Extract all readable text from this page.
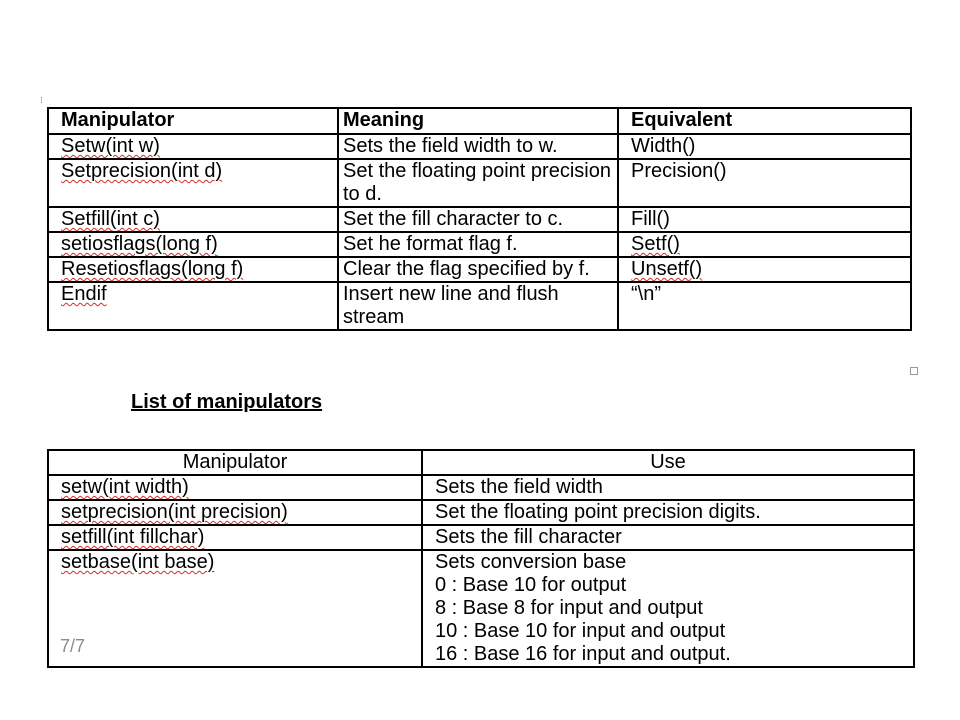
⁝
Manipulator	Meaning	Equivalent
Setw(int w)	Sets the field width to w.	Width()
Setprecision(int d)	Set the floating point precision to d.	Precision()
Setfill(int c)	Set the fill character to c.	Fill()
setiosflags(long f)	Set he format flag f.	Setf()
Resetiosflags(long f)	Clear the flag specified by f.	Unsetf()
Endif	Insert new line and flush stream	“\n”
List of manipulators
Manipulator	Use
setw(int width)	Sets the field width
setprecision(int precision)	Set the floating point precision digits.
setfill(int fillchar)	Sets the fill character
setbase(int base)	Sets conversion base
0 : Base 10 for output
8 : Base 8 for input and output
10 : Base 10 for input and output
16 : Base 16 for input and output.
7/7
